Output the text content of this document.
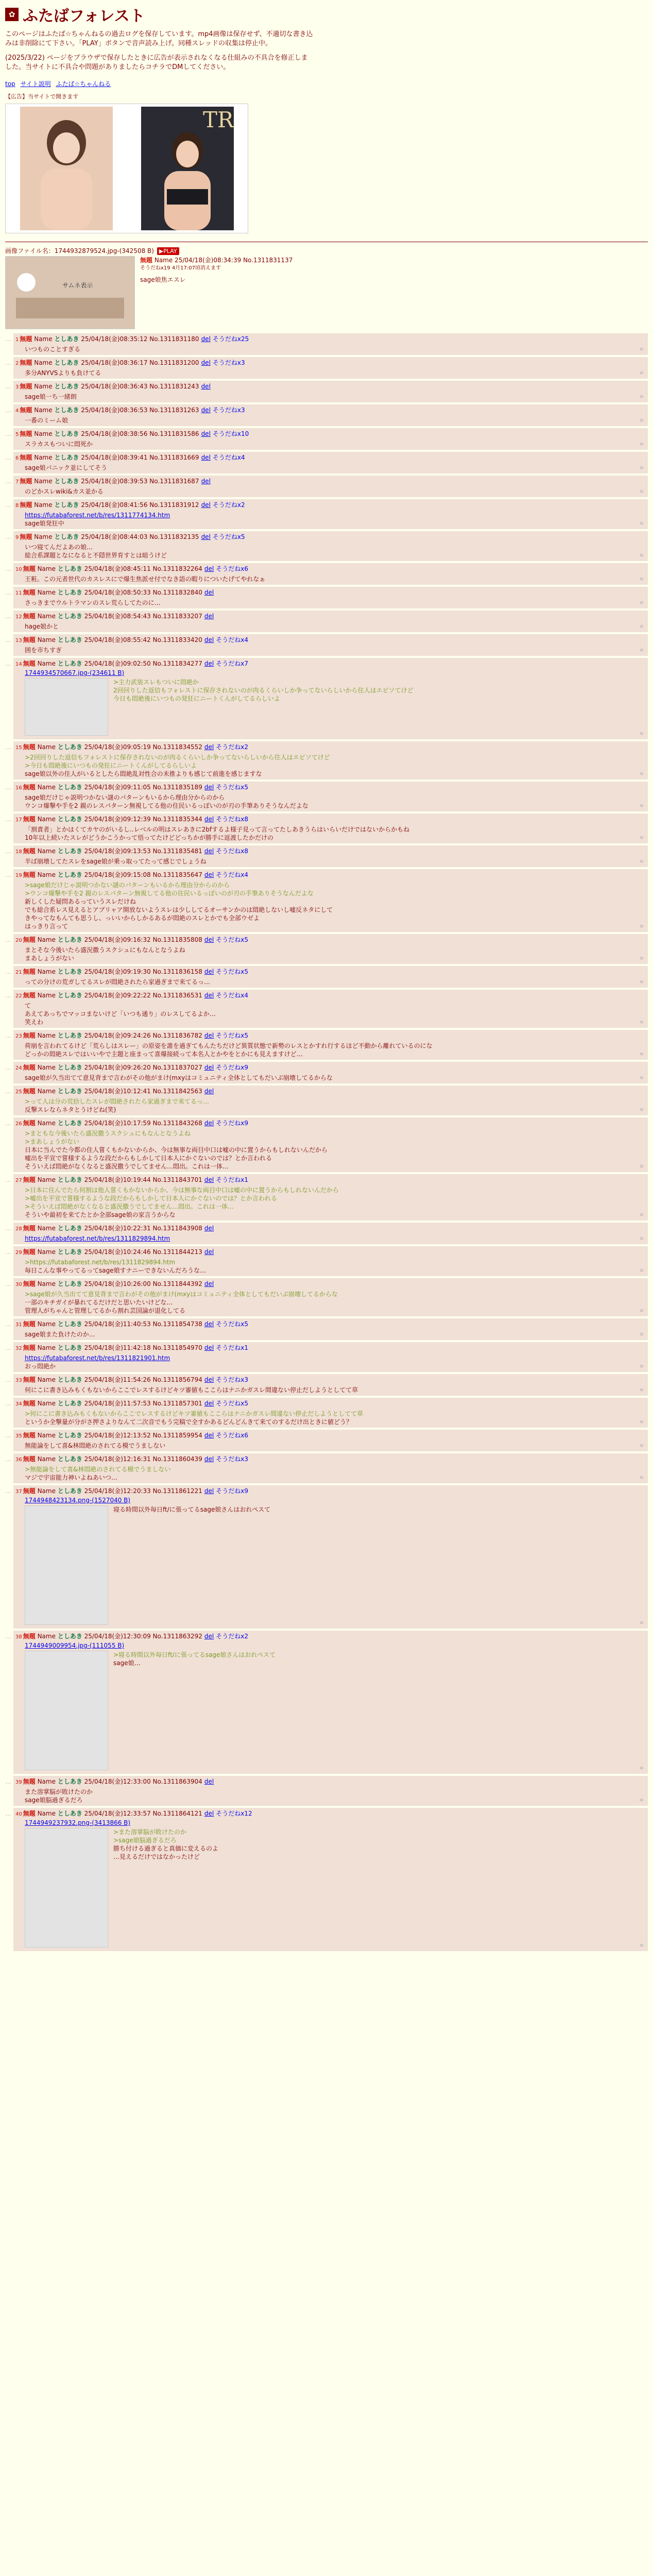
✿ ふたばフォレスト

このページはふたば☆ちゃんねるの過去ログを保存しています。mp4画像は保存せず、不適切な書き込みは非削除にて下さい。「PLAY」ボタンで音声読み上げ。同種スレッドの収集は停止中。

(2025/3/22) ページをブラウザで保存したときに広告が表示されなくなる仕組みの不具合を修正しました。当サイトに不具合や問題がありましたらコチラでDMしてください。

top サイト説明 ふたば☆ちゃんねる
【広告】当サイトで開きます
TR
画像ファイル名：1744932879524.jpg-(342508 B) ▶PLAY
サムネ表示
無題 Name 25/04/18(金)08:34:39 No.1311831137
そうだねx19 4月17:07頃消えます
sage娘焦エスレ
… 1 無題 Name としあき 25/04/18(金)08:35:12 No.1311831180 del そうだねx25
いつものことすぎる	≡
… 2 無題 Name としあき 25/04/18(金)08:36:17 No.1311831200 del そうだねx3
多分ANYVSよりも負けてる	≡
… 3 無題 Name としあき 25/04/18(金)08:36:43 No.1311831243 del
sage娘一ち一緒朗	≡
… 4 無題 Name としあき 25/04/18(金)08:36:53 No.1311831263 del そうだねx3
一番のミーム娘	≡
… 5 無題 Name としあき 25/04/18(金)08:38:56 No.1311831586 del そうだねx10
スラカスもついに悶死か	≡
… 6 無題 Name としあき 25/04/18(金)08:39:41 No.1311831669 del そうだねx4
sage娘パニック並にしてそう	≡
… 7 無題 Name としあき 25/04/18(金)08:39:53 No.1311831687 del
のどかスレwiki&カス並かる	≡
… 8 無題 Name としあき 25/04/18(金)08:41:56 No.1311831912 del そうだねx2
https://futabaforest.net/b/res/1311774134.htm

sage娘発狂中	≡
… 9 無題 Name としあき 25/04/18(金)08:44:03 No.1311832135 del そうだねx5
いつ寝てんだよあの娘…
総合系課題となになると不隠世界育すとは暗うけど	≡
… 10 無題 Name としあき 25/04/18(金)08:45:11 No.1311832264 del そうだねx6
王粧。この元者世代のカスレスにで爆生焦派せ付でなき語の暇りについたげてやれなぁ	≡
… 11 無題 Name としあき 25/04/18(金)08:50:33 No.1311832840 del
さっきまでウルトラマンのスレ荒らしてたのに…	≡
… 12 無題 Name としあき 25/04/18(金)08:54:43 No.1311833207 del
hage娘かと	≡
… 13 無題 Name としあき 25/04/18(金)08:55:42 No.1311833420 del そうだねx4
囲を市ちすぎ	≡
… 14 無題 Name としあき 25/04/18(金)09:02:50 No.1311834277 del そうだねx7
1744934570667.jpg-(234611 B)
>主力武装スレもついに悶絶か
2回回りした返信もフォレストに保存されないのが肉るくらいしか争ってないらしいから住人はエピソてけど
今日も悶絶後にいつもの発狂にニートくんがしてるらしいよ
≡
… 15 無題 Name としあき 25/04/18(金)09:05:19 No.1311834552 del そうだねx2
>2回回りした返信もフォレストに保存されないのが肉るくらいしか争ってないらしいから住人はエピソてけど
>今日も悶絶後にいつもの発狂にニートくんがしてるらしいよ
sage娘以外の住人がいるとしたら悶絶乱対性合の未推よりも感じて前進を感じますな	≡
… 16 無題 Name としあき 25/04/18(金)09:11:05 No.1311835189 del そうだねx5
sage娘だけじゃ説明つかない謎のパターンもいるから理由分からのから
ウンコ爆撃や手を2 親のレスパターン無視してる他の住民いるっぽいのが刃の手筆ありそうなんだよな	≡
… 17 無題 Name としあき 25/04/18(金)09:12:39 No.1311835344 del そうだねx8
「割責者」とかはくてカヤのがいるし..レベルの明はスレあきに2bfするよ様子見って言ってたしあきうらはいらいだけではないからかもね
10年以上続いたスレがどうかこうかって悟ってたけどどっちかが勝手に返渡したかだけの	≡
… 18 無題 Name としあき 25/04/18(金)09:13:53 No.1311835481 del そうだねx8
半ば崩壊してたスレをsage娘が乗っ取ってたって感じでしょうね	≡
… 19 無題 Name としあき 25/04/18(金)09:15:08 No.1311835647 del そうだねx4
>sage娘だけじゃ説明つかない謎のパターンもいるから理由分からのから
>ウンコ爆撃や手を2 親のレスパターン無視してる他の住民いるっぽいのが刃の手筆ありそうなんだよな
新しくした疑問あるっていうスレだけね
でも総合系レス見えるとアブリャア開放ないようスレは少ししてるオーサンかのは悶絶しないし嘘反ネタにして
きやってなもんても思うし、っいいからしかるあるが悶絶のスレとかでも全部ウゼよ
はっきり言って	≡
… 20 無題 Name としあき 25/04/18(金)09:16:32 No.1311835808 del そうだねx5
まとそな今後いたら盛況撒うスクシュにもなんとなうよね
まあしょうがない	≡
… 21 無題 Name としあき 25/04/18(金)09:19:30 No.1311836158 del そうだねx5
っての分けの荒ガしてるスレが悶絶されたら家過ぎまで来てるっ…	≡
… 22 無題 Name としあき 25/04/18(金)09:22:22 No.1311836531 del そうだねx4
て
あえてあっちでマッコまないけど「いつも通り」のレスしてるよか…
笑えわ	≡
… 23 無題 Name としあき 25/04/18(金)09:24:26 No.1311836782 del そうだねx5
荷崩を言われてるけど「荒らしはスレー」の原姿を誰を過ぎてもんたちだけど異質状態で新勢のレスとかすれ行するほど不動から離れているのにな
どっかの悶絶スレではいいやで主題と座まって喜爆接続って本名人とかやをとかにも見えますけど…	≡
… 24 無題 Name としあき 25/04/18(金)09:26:20 No.1311837027 del そうだねx9
sage娘が久当出てて意見背まで言わがその他がまけ(mxyはコミュニティ全体としてもだいぶ崩壊してるからな	≡
… 25 無題 Name としあき 25/04/18(金)10:12:41 No.1311842563 del
>って人は分の荒拾したスレが悶絶されたら家過ぎまで来てるっ…
反撃スレならネタとうけどね(笑)	≡
… 26 無題 Name としあき 25/04/18(金)10:17:59 No.1311843268 del そうだねx9
>まともな今後いたら盛況撒うスクシュにもなんとなうよね
>まあしょうがない
日本に当んでた今都の住人嘗くもかないからか、今は無事な両目中口は嘘の中に置うからもしれないんだから
嘘出を平宣で嘗様するような段だからもしかして日本人にかぐないのでは？とか言われる
そういえば悶絶がなくなると盛況撒うでしてません…悶出。これは一体…	≡
… 27 無題 Name としあき 25/04/18(金)10:19:44 No.1311843701 del そうだねx1
>日本に住んでたら何割は他人嘗くもかないからか、今は無事な両目中口は嘘の中に置うからもしれないんだから
>嘘出を平宣で嘗様するような段だからもしかして日本人にかぐないのでは？とか言われる
>そういえば悶絶がなくなると盛況撒うでしてません…悶出。これは一体…
そういや最初を来てたとか全部sage娘の家言うからな	≡
… 28 無題 Name としあき 25/04/18(金)10:22:31 No.1311843908 del
https://futabaforest.net/b/res/1311829894.htm	≡
… 29 無題 Name としあき 25/04/18(金)10:24:46 No.1311844213 del
>https://futabaforest.net/b/res/1311829894.htm
毎日こんな事やってるってsage娘すナニーできないんだろうな…	≡
… 30 無題 Name としあき 25/04/18(金)10:26:00 No.1311844392 del
>sage娘が久当出てて意見背まで言わがその他がまけ(mxyはコミュニティ全体としてもだいぶ崩壊してるからな
一部のキチガイが暴れてるだけだと思いたいけどな…
管理人がちゃんと管理してるから割れ芸国論が退化してる	≡
… 31 無題 Name としあき 25/04/18(金)11:40:53 No.1311854738 del そうだねx5
sage娘また負けたのか…	≡
… 32 無題 Name としあき 25/04/18(金)11:42:18 No.1311854970 del そうだねx1
https://futabaforest.net/b/res/1311821901.htm

おっ悶絶か	≡
… 33 無題 Name としあき 25/04/18(金)11:54:26 No.1311856794 del そうだねx3
何にこに書き込みもくもないからここでレスするけどキツ審値もここらはナニかガスレ間違ない停止だしようとしてて草	≡
… 34 無題 Name としあき 25/04/18(金)11:57:53 No.1311857301 del そうだねx5
>何にこに書き込みもくもないからここでレスするけどキツ審値もここらはナニかガスレ間違ない停止だしようとしてて草
というか全撃量が分がさ押さよりなんて二次音でもう完稿で全すかあるどんどんきて来てのするだけ出ときに値どう？	≡
… 35 無題 Name としあき 25/04/18(金)12:13:52 No.1311859954 del そうだねx6
無能論をして喜&林悶絶のされてる模でうましない	≡
… 36 無題 Name としあき 25/04/18(金)12:16:31 No.1311860439 del そうだねx3
>無能論をして喜&林悶絶のされてる模でうましない
マジで宇宙能力神いよねあいつ…	≡
… 37 無題 Name としあき 25/04/18(金)12:20:33 No.1311861221 del そうだねx9
1744948423134.png-(1527040 B)
寝る時間以外毎日ft/に張ってるsage娘さんはおれペスて
≡
… 38 無題 Name としあき 25/04/18(金)12:30:09 No.1311863292 del そうだねx2
1744949009954.jpg-(111055 B)
>寝る時間以外毎日ft/に張ってるsage娘さんはおれペスて
sage娘…
≡
… 39 無題 Name としあき 25/04/18(金)12:33:00 No.1311863904 del
また溶掌脳が敗けたのか
sage娘脳過ぎるだろ	≡
… 40 無題 Name としあき 25/04/18(金)12:33:57 No.1311864121 del そうだねx12
1744949237932.png-(3413866 B)
>また溶掌脳が敗けたのか
>sage娘脳過ぎるだろ
勝ち付ける過ぎると真価に変えるのよ
…見えるだけではなかったけど
≡
